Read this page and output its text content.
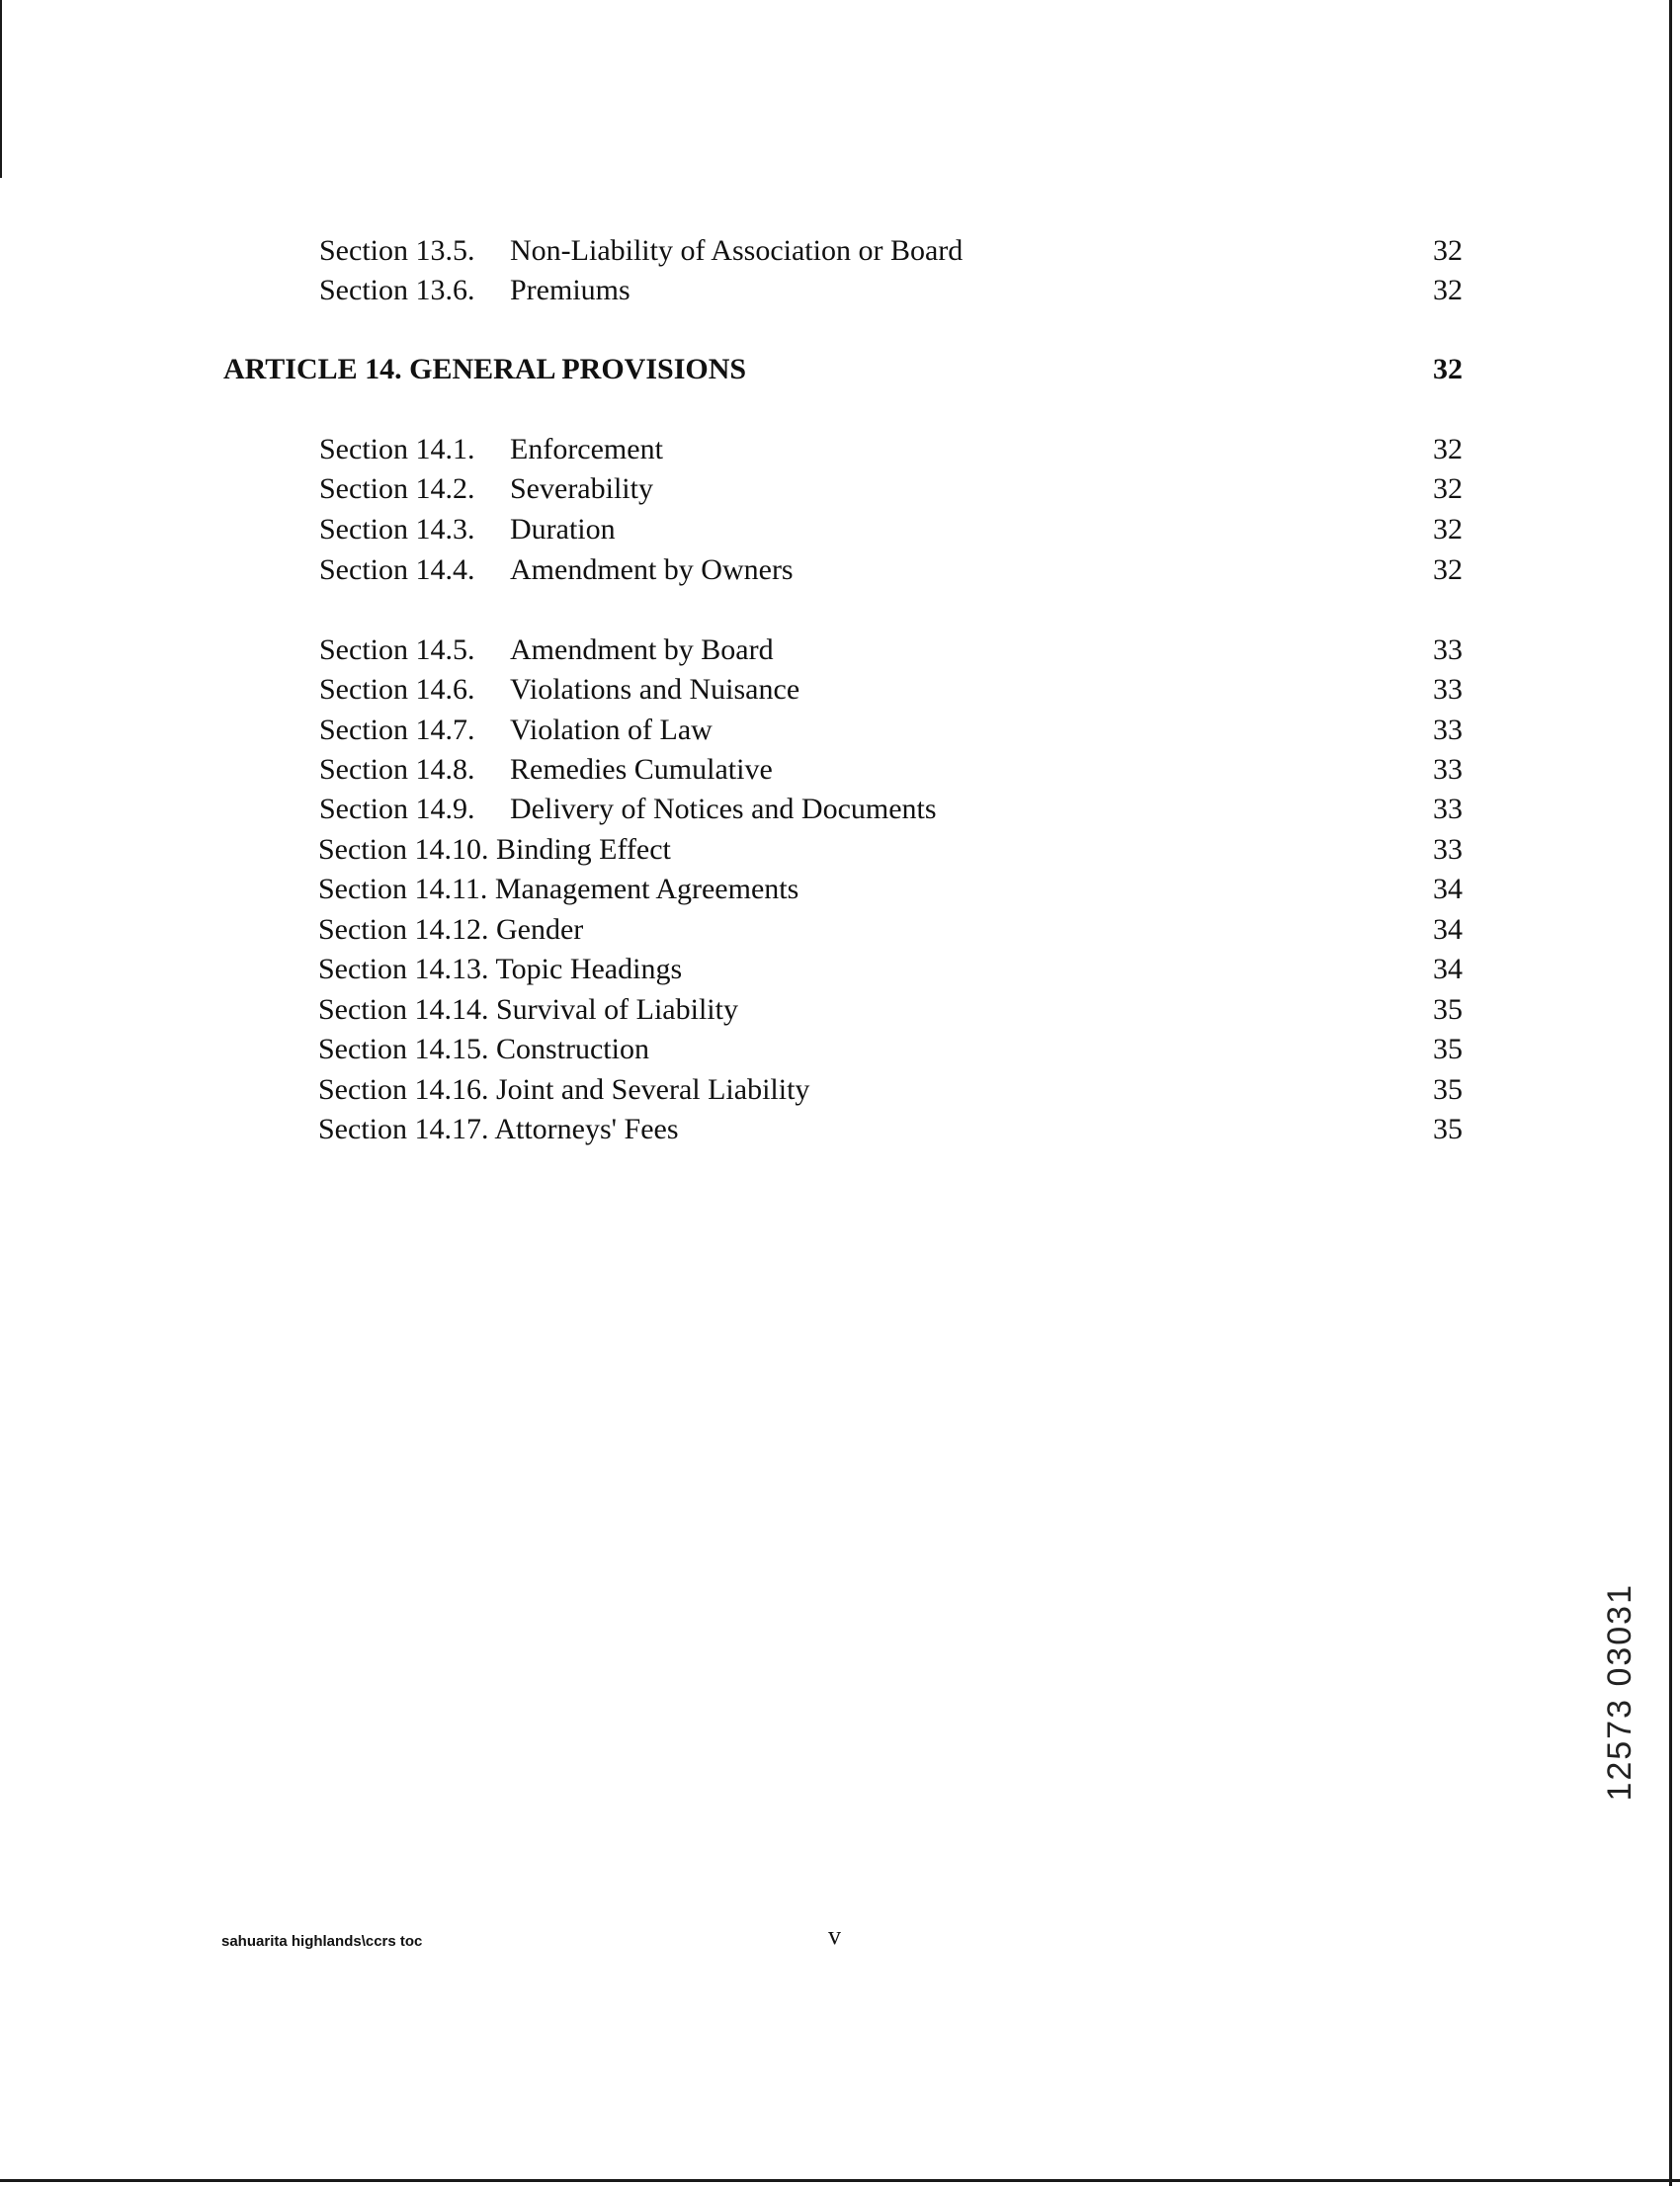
Section 13.5. Non-Liability of Association or Board	32
Section 13.6. Premiums	32
ARTICLE 14. GENERAL PROVISIONS	32
Section 14.1. Enforcement	32
Section 14.2. Severability	32
Section 14.3. Duration	32
Section 14.4. Amendment by Owners	32
Section 14.5. Amendment by Board	33
Section 14.6. Violations and Nuisance	33
Section 14.7. Violation of Law	33
Section 14.8. Remedies Cumulative	33
Section 14.9. Delivery of Notices and Documents	33
Section 14.10. Binding Effect	33
Section 14.11. Management Agreements	34
Section 14.12. Gender	34
Section 14.13. Topic Headings	34
Section 14.14. Survival of Liability	35
Section 14.15. Construction	35
Section 14.16. Joint and Several Liability	35
Section 14.17. Attorneys' Fees	35
sahuarita highlands\ccrs toc	v
12573 03031
